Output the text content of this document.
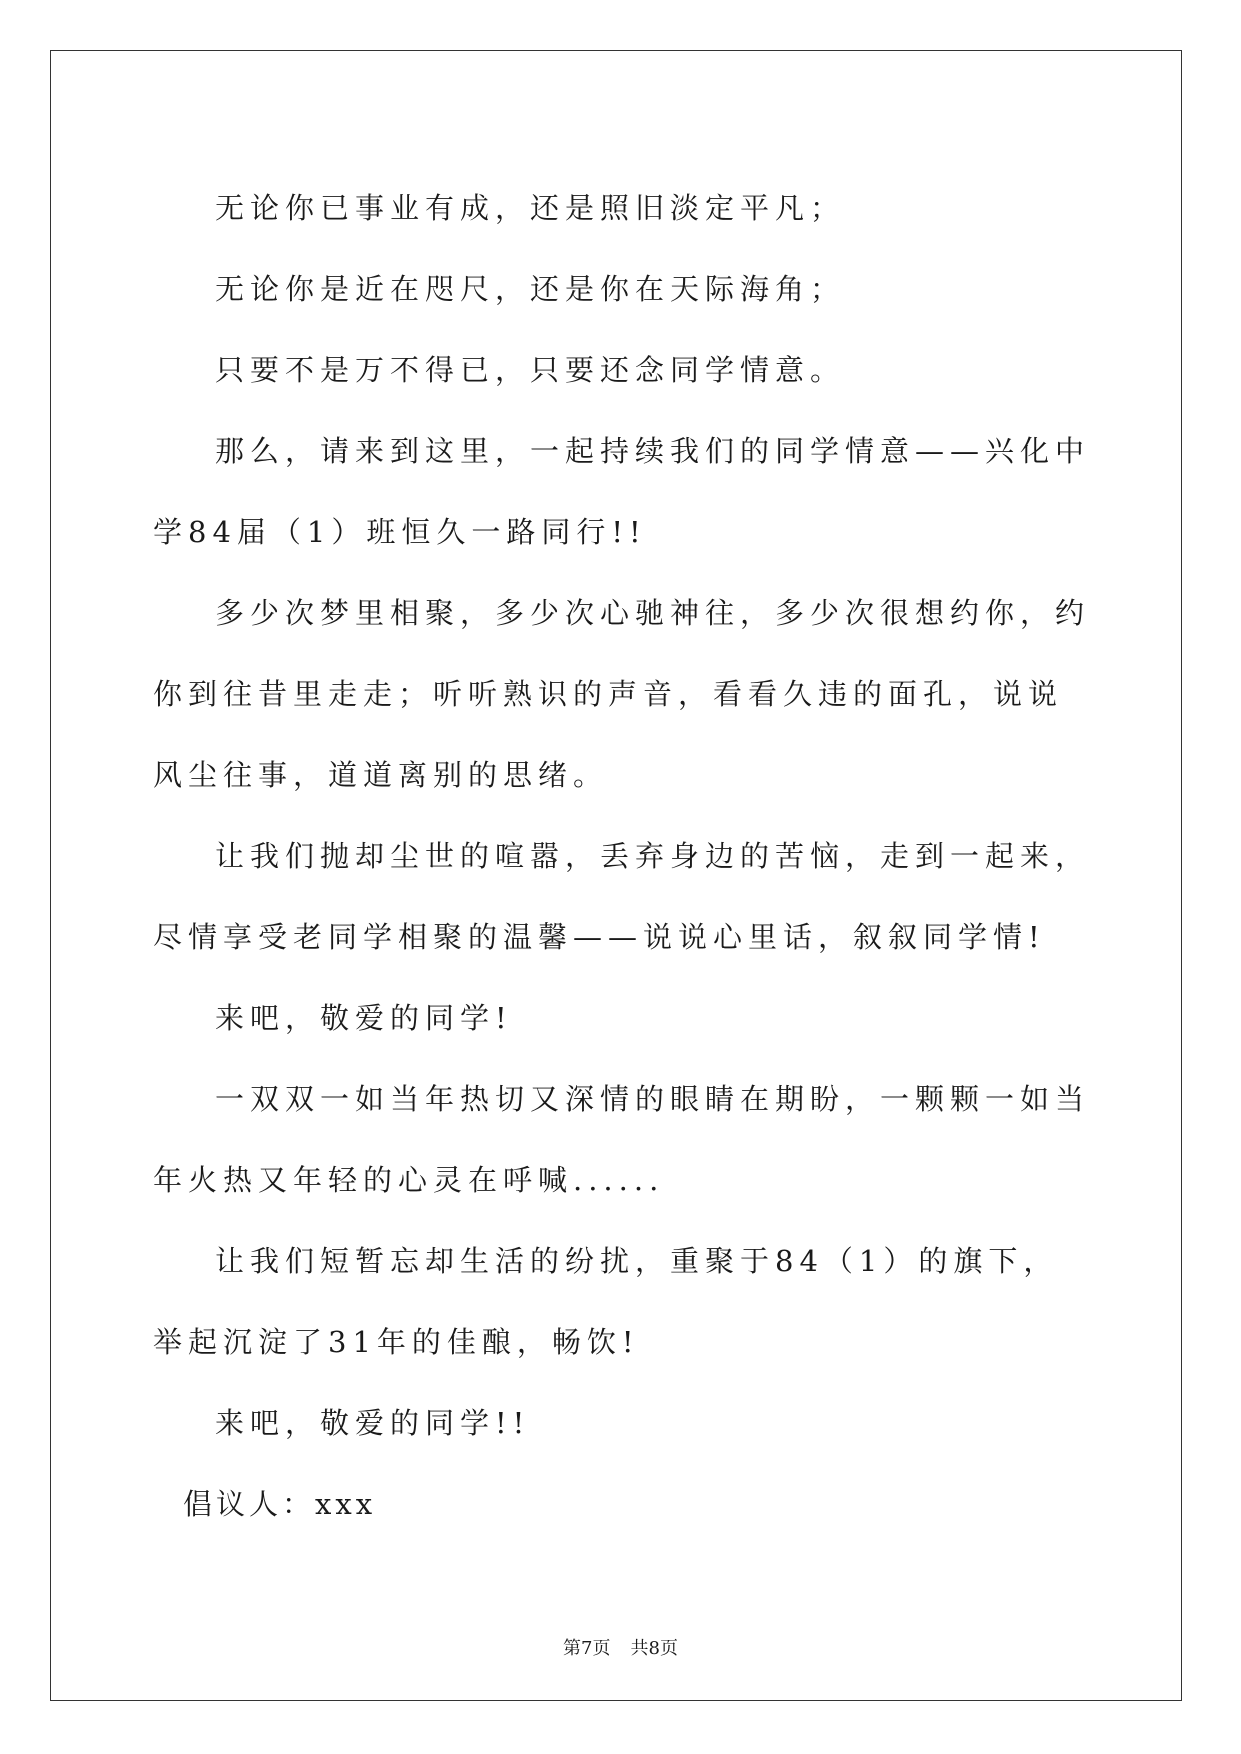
无论你已事业有成，还是照旧淡定平凡；

无论你是近在咫尺，还是你在天际海角；

只要不是万不得已，只要还念同学情意。

那么，请来到这里，一起持续我们的同学情意——兴化中学84届（1）班恒久一路同行!!

多少次梦里相聚，多少次心驰神往，多少次很想约你，约你到往昔里走走；听听熟识的声音，看看久违的面孔，说说风尘往事，道道离别的思绪。

让我们抛却尘世的喧嚣，丢弃身边的苦恼，走到一起来，尽情享受老同学相聚的温馨——说说心里话，叙叙同学情!

来吧，敬爱的同学!

一双双一如当年热切又深情的眼睛在期盼，一颗颗一如当年火热又年轻的心灵在呼喊......

让我们短暂忘却生活的纷扰，重聚于84（1）的旗下，举起沉淀了31年的佳酿，畅饮!

来吧，敬爱的同学!!

倡议人：xxx

第7页 共8页
